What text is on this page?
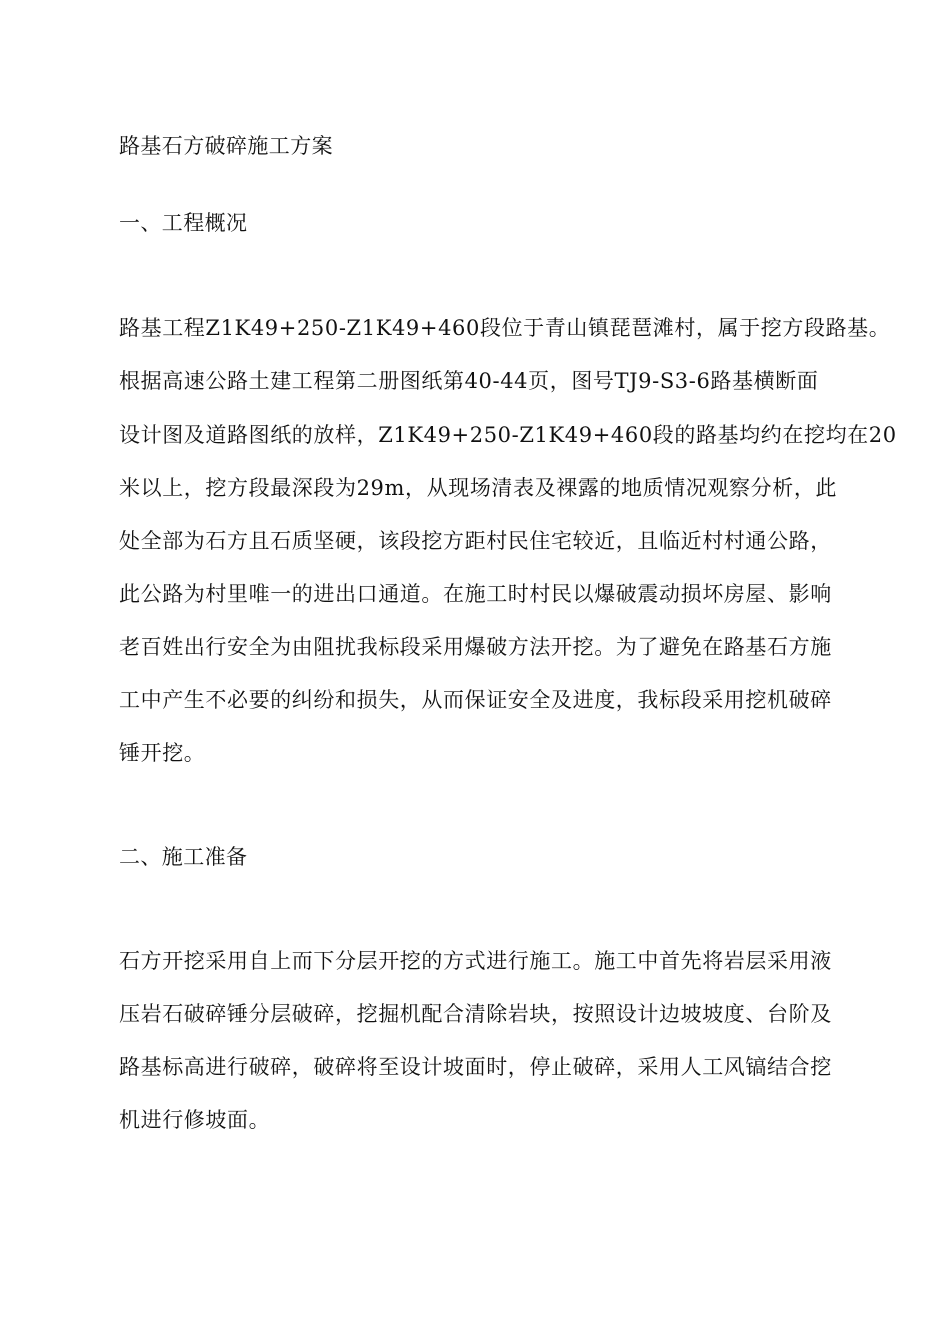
路基石方破碎施工方案
一、工程概况
路基工程Z1K49+250-Z1K49+460段位于青山镇琵琶滩村，属于挖方段路基。
根据高速公路土建工程第二册图纸第40-44页，图号TJ9-S3-6路基横断面
设计图及道路图纸的放样，Z1K49+250-Z1K49+460段的路基均约在挖均在20
米以上，挖方段最深段为29m，从现场清表及裸露的地质情况观察分析，此
处全部为石方且石质坚硬，该段挖方距村民住宅较近，且临近村村通公路，
此公路为村里唯一的进出口通道。在施工时村民以爆破震动损坏房屋、影响
老百姓出行安全为由阻扰我标段采用爆破方法开挖。为了避免在路基石方施
工中产生不必要的纠纷和损失，从而保证安全及进度，我标段采用挖机破碎
锤开挖。
二、施工准备
石方开挖采用自上而下分层开挖的方式进行施工。施工中首先将岩层采用液
压岩石破碎锤分层破碎，挖掘机配合清除岩块，按照设计边坡坡度、台阶及
路基标高进行破碎，破碎将至设计坡面时，停止破碎，采用人工风镐结合挖
机进行修坡面。
